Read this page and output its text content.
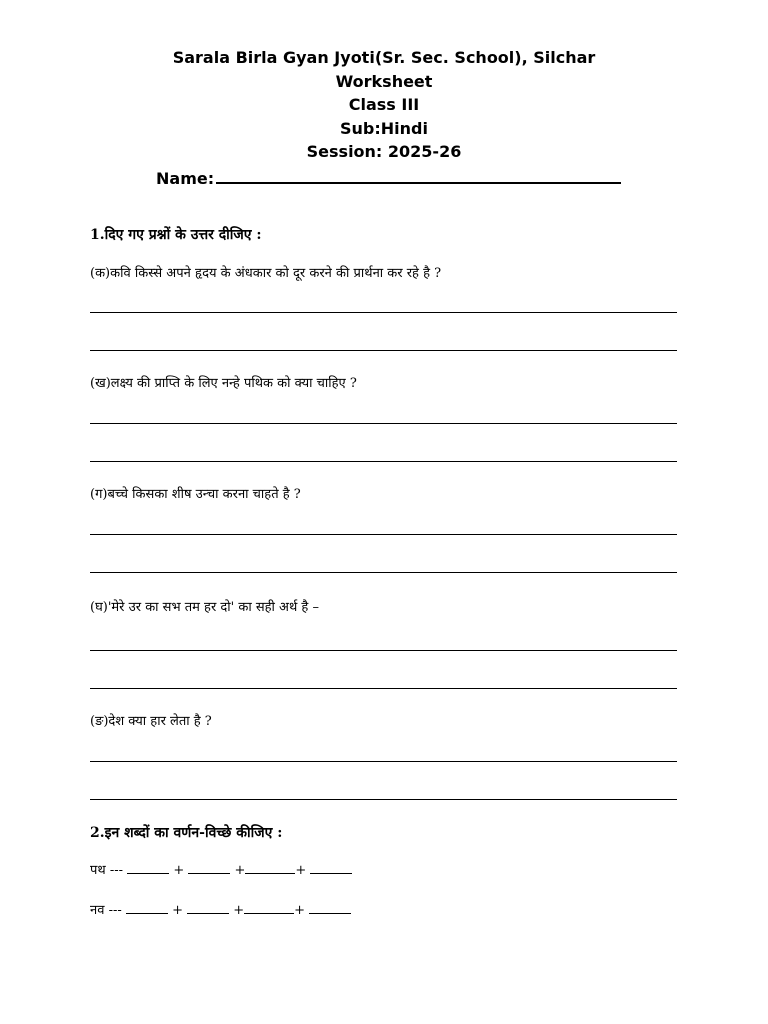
Sarala Birla Gyan Jyoti(Sr. Sec. School), Silchar
Worksheet
Class III
Sub:Hindi
Session: 2025-26
Name:
1.दिए गए प्रश्नों के उत्तर दीजिए :
(क)कवि किस्से अपने हृदय के अंधकार को दूर करने की प्रार्थना कर रहे है ?
(ख)लक्ष्य की प्राप्ति के लिए नन्हे पथिक को क्या चाहिए ?
(ग)बच्चे किसका शीष उन्चा करना चाहते है ?
(घ)'मेरे उर का सभ तम हर दो' का सही अर्थ है –
(ङ)देश क्या हार लेता है ?
2.इन शब्दों का वर्णन-विच्छे कीजिए :
पथ ---	+	+	+
नव ---	+	+	+
